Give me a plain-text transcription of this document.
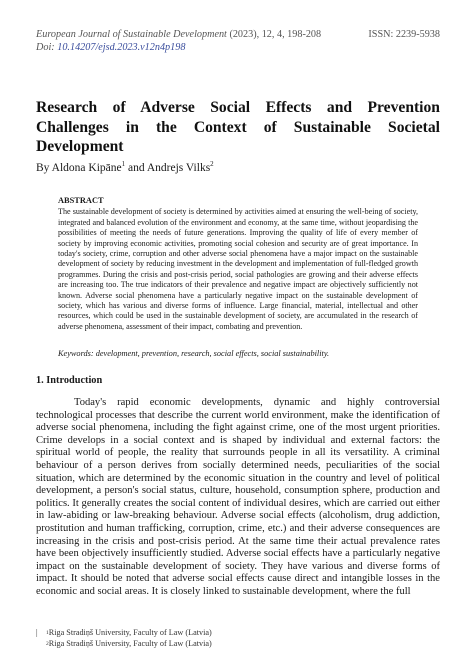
European Journal of Sustainable Development (2023), 12, 4, 198-208	ISSN: 2239-5938
Doi: 10.14207/ejsd.2023.v12n4p198
Research of Adverse Social Effects and Prevention Challenges in the Context of Sustainable Societal Development
By Aldona Kipāne$^1$ and Andrejs Vilks$^2$
ABSTRACT
The sustainable development of society is determined by activities aimed at ensuring the well-being of society, integrated and balanced evolution of the environment and economy, at the same time, without jeopardising the possibilities of meeting the needs of future generations. Improving the quality of life of every member of society by improving economic activities, promoting social cohesion and security are of great importance. In today's society, crime, corruption and other adverse social phenomena have a major impact on the sustainable development of society by reducing investment in the development and implementation of full-fledged growth programmes. During the crisis and post-crisis period, social pathologies are growing and their adverse effects are increasing too. The true indicators of their prevalence and negative impact are objectively sufficiently not known. Adverse social phenomena have a particularly negative impact on the sustainable development of society, which has various and diverse forms of influence. Large financial, material, intellectual and other resources, which could be used in the sustainable development of society, are accumulated in the research of adverse phenomena, assessment of their impact, combating and prevention.
Keywords: development, prevention, research, social effects, social sustainability.
1. Introduction

Today's rapid economic developments, dynamic and highly controversial technological processes that describe the current world environment, make the identification of adverse social phenomena, including the fight against crime, one of the most urgent priorities. Crime develops in a social context and is shaped by individual and external factors: the spiritual world of people, the reality that surrounds people in all its versatility. A criminal behaviour of a person derives from socially determined needs, peculiarities of the social situation, which are determined by the economic situation in the country and level of political development, a person's social status, culture, household, consumption sphere, production and politics. It generally creates the social content of individual desires, which are carried out either in law-abiding or law-breaking behaviour. Adverse social effects (alcoholism, drug addiction, prostitution and human trafficking, corruption, crime, etc.) and their adverse consequences are increasing in the crisis and post-crisis period. At the same time their actual prevalence rates have been objectively insufficiently studied. Adverse social effects have a particularly negative impact on the sustainable development of society. They have various and diverse forms of impact. It should be noted that adverse social effects cause direct and intangible losses in the economic and social areas. It is closely linked to sustainable development, where the full

|	1 Riga Stradiņš University, Faculty of Law (Latvia)
2 Riga Stradiņš University, Faculty of Law (Latvia)
